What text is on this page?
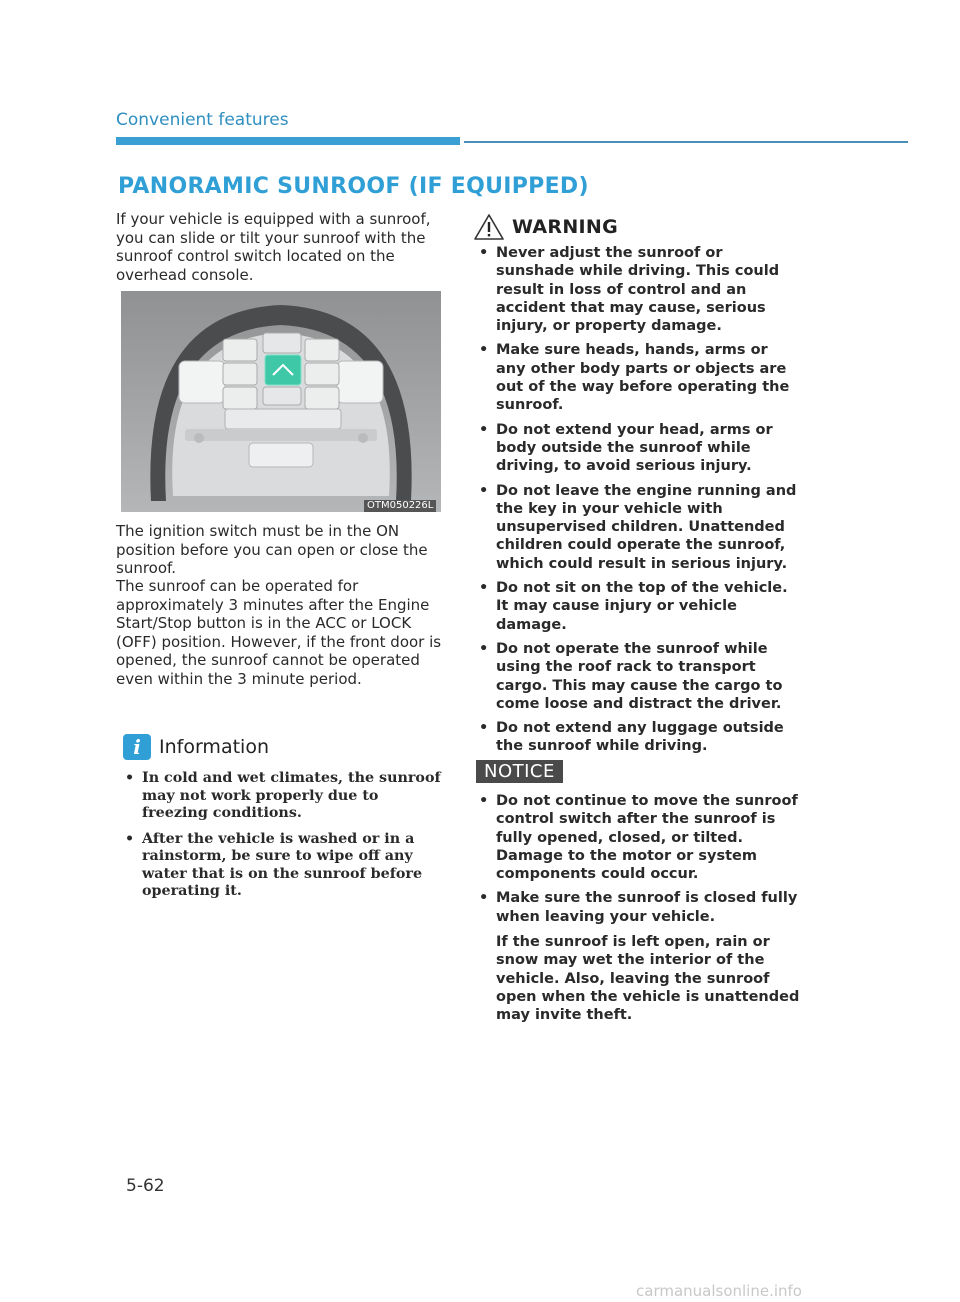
Convenient features
PANORAMIC SUNROOF (IF EQUIPPED)

If your vehicle is equipped with a sunroof, you can slide or tilt your sunroof with the sunroof control switch located on the overhead console.

OTM050226L

The ignition switch must be in the ON position before you can open or close the sunroof.

The sunroof can be operated for approximately 3 minutes after the Engine Start/Stop button is in the ACC or LOCK (OFF) position. However, if the front door is opened, the sunroof cannot be operated even within the 3 minute period.

i Information
• In cold and wet climates, the sunroof may not work properly due to freezing conditions.
• After the vehicle is washed or in a rainstorm, be sure to wipe off any water that is on the sunroof before operating it.
WARNING
• Never adjust the sunroof or sunshade while driving. This could result in loss of control and an accident that may cause, serious injury, or property damage.
• Make sure heads, hands, arms or any other body parts or objects are out of the way before operating the sunroof.
• Do not extend your head, arms or body outside the sunroof while driving, to avoid serious injury.
• Do not leave the engine running and the key in your vehicle with unsupervised children. Unattended children could operate the sunroof, which could result in serious injury.
• Do not sit on the top of the vehicle. It may cause injury or vehicle damage.
• Do not operate the sunroof while using the roof rack to transport cargo. This may cause the cargo to come loose and distract the driver.
• Do not extend any luggage outside the sunroof while driving.
NOTICE
• Do not continue to move the sunroof control switch after the sunroof is fully opened, closed, or tilted. Damage to the motor or system components could occur.
• Make sure the sunroof is closed fully when leaving your vehicle.
If the sunroof is left open, rain or snow may wet the interior of the vehicle. Also, leaving the sunroof open when the vehicle is unattended may invite theft.
5-62
carmanualsonline.info
